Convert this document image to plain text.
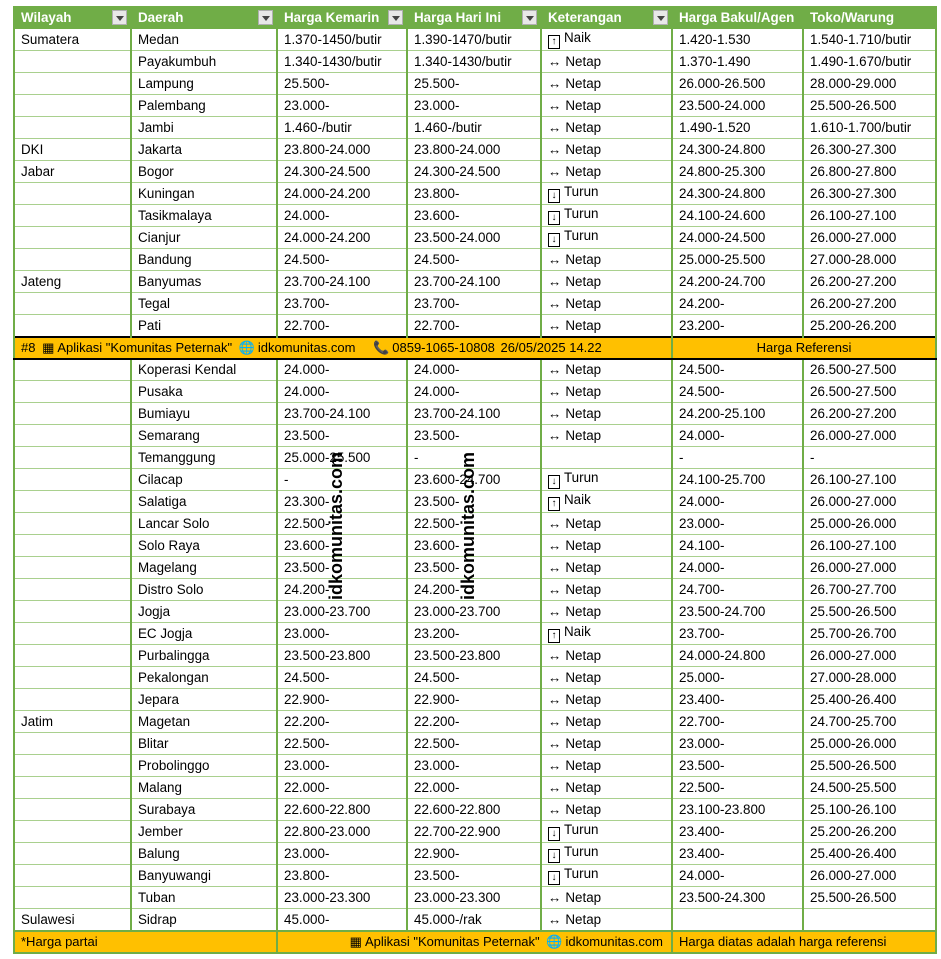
Wilayah	Daerah	Harga Kemarin	Harga Hari Ini	Keterangan	Harga Bakul/Agen	Toko/Warung
Sumatera	Medan	1.370-1450/butir	1.390-1470/butir	↑ Naik	1.420-1.530	1.540-1.710/butir
	Payakumbuh	1.340-1430/butir	1.340-1430/butir	↔ Netap	1.370-1.490	1.490-1.670/butir
	Lampung	25.500-	25.500-	↔ Netap	26.000-26.500	28.000-29.000
	Palembang	23.000-	23.000-	↔ Netap	23.500-24.000	25.500-26.500
	Jambi	1.460-/butir	1.460-/butir	↔ Netap	1.490-1.520	1.610-1.700/butir
DKI	Jakarta	23.800-24.000	23.800-24.000	↔ Netap	24.300-24.800	26.300-27.300
Jabar	Bogor	24.300-24.500	24.300-24.500	↔ Netap	24.800-25.300	26.800-27.800
	Kuningan	24.000-24.200	23.800-	↓ Turun	24.300-24.800	26.300-27.300
	Tasikmalaya	24.000-	23.600-	↓ Turun	24.100-24.600	26.100-27.100
	Cianjur	24.000-24.200	23.500-24.000	↓ Turun	24.000-24.500	26.000-27.000
	Bandung	24.500-	24.500-	↔ Netap	25.000-25.500	27.000-28.000
Jateng	Banyumas	23.700-24.100	23.700-24.100	↔ Netap	24.200-24.700	26.200-27.200
	Tegal	23.700-	23.700-	↔ Netap	24.200-	26.200-27.200
	Pati	22.700-	22.700-	↔ Netap	23.200-	25.200-26.200
#8 ▦ Aplikasi "Komunitas Peternak" 🌐 idkomunitas.com 📞 0859-1065-10808 26/05/2025 14.22					Harga Referensi	
	Koperasi Kendal	24.000-	24.000-	↔ Netap	24.500-	26.500-27.500
	Pusaka	24.000-	24.000-	↔ Netap	24.500-	26.500-27.500
	Bumiayu	23.700-24.100	23.700-24.100	↔ Netap	24.200-25.100	26.200-27.200
	Semarang	23.500-	23.500-	↔ Netap	24.000-	26.000-27.000
	Temanggung	25.000-25.500	-		-	-
	Cilacap	-	23.600-24.700	↓ Turun	24.100-25.700	26.100-27.100
	Salatiga	23.300-	23.500-	↑ Naik	24.000-	26.000-27.000
	Lancar Solo	22.500-	22.500-	↔ Netap	23.000-	25.000-26.000
	Solo Raya	23.600-	23.600-	↔ Netap	24.100-	26.100-27.100
	Magelang	23.500-	23.500-	↔ Netap	24.000-	26.000-27.000
	Distro Solo	24.200-	24.200-	↔ Netap	24.700-	26.700-27.700
	Jogja	23.000-23.700	23.000-23.700	↔ Netap	23.500-24.700	25.500-26.500
	EC Jogja	23.000-	23.200-	↑ Naik	23.700-	25.700-26.700
	Purbalingga	23.500-23.800	23.500-23.800	↔ Netap	24.000-24.800	26.000-27.000
	Pekalongan	24.500-	24.500-	↔ Netap	25.000-	27.000-28.000
	Jepara	22.900-	22.900-	↔ Netap	23.400-	25.400-26.400
Jatim	Magetan	22.200-	22.200-	↔ Netap	22.700-	24.700-25.700
	Blitar	22.500-	22.500-	↔ Netap	23.000-	25.000-26.000
	Probolinggo	23.000-	23.000-	↔ Netap	23.500-	25.500-26.500
	Malang	22.000-	22.000-	↔ Netap	22.500-	24.500-25.500
	Surabaya	22.600-22.800	22.600-22.800	↔ Netap	23.100-23.800	25.100-26.100
	Jember	22.800-23.000	22.700-22.900	↓ Turun	23.400-	25.200-26.200
	Balung	23.000-	22.900-	↓ Turun	23.400-	25.400-26.400
	Banyuwangi	23.800-	23.500-	↓ Turun	24.000-	26.000-27.000
	Tuban	23.000-23.300	23.000-23.300	↔ Netap	23.500-24.300	25.500-26.500
Sulawesi	Sidrap	45.000-	45.000-/rak	↔ Netap		
*Harga partai		▦ Aplikasi "Komunitas Peternak" 🌐 idkomunitas.com			Harga diatas adalah harga referensi	
idkomunitas.com	idkomunitas.com
